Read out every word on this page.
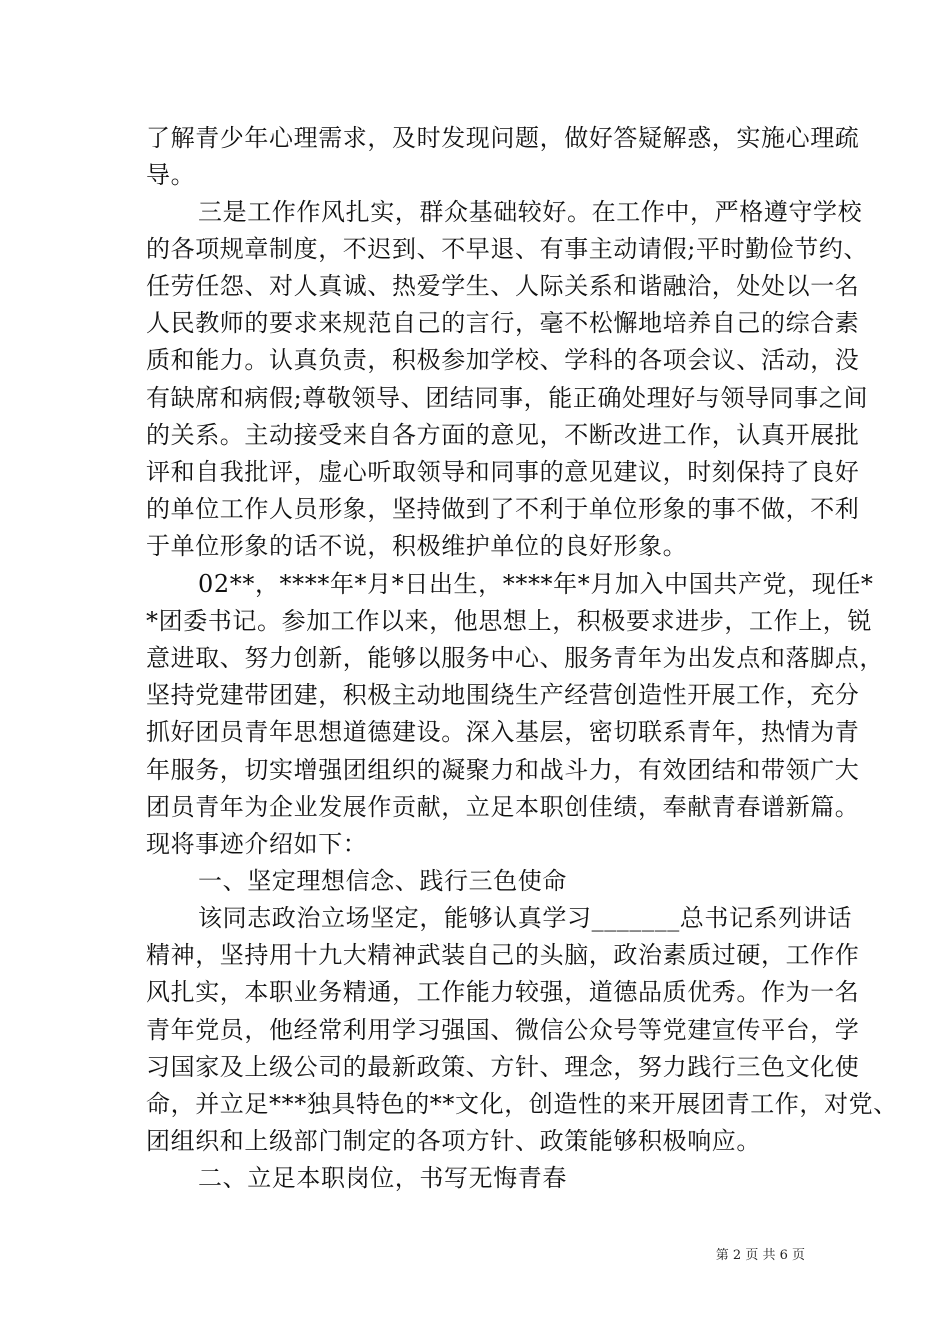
了解青少年心理需求，及时发现问题，做好答疑解惑，实施心理疏
导。
三是工作作风扎实，群众基础较好。在工作中，严格遵守学校
的各项规章制度，不迟到、不早退、有事主动请假;平时勤俭节约、
任劳任怨、对人真诚、热爱学生、人际关系和谐融洽，处处以一名
人民教师的要求来规范自己的言行，毫不松懈地培养自己的综合素
质和能力。认真负责，积极参加学校、学科的各项会议、活动，没
有缺席和病假;尊敬领导、团结同事，能正确处理好与领导同事之间
的关系。主动接受来自各方面的意见，不断改进工作，认真开展批
评和自我批评，虚心听取领导和同事的意见建议，时刻保持了良好
的单位工作人员形象，坚持做到了不利于单位形象的事不做，不利
于单位形象的话不说，积极维护单位的良好形象。
02**，****年*月*日出生，****年*月加入中国共产党，现任*
*团委书记。参加工作以来，他思想上，积极要求进步，工作上，锐
意进取、努力创新，能够以服务中心、服务青年为出发点和落脚点，
坚持党建带团建，积极主动地围绕生产经营创造性开展工作，充分
抓好团员青年思想道德建设。深入基层，密切联系青年，热情为青
年服务，切实增强团组织的凝聚力和战斗力，有效团结和带领广大
团员青年为企业发展作贡献，立足本职创佳绩，奉献青春谱新篇。
现将事迹介绍如下：
一、坚定理想信念、践行三色使命
该同志政治立场坚定，能够认真学习_______总书记系列讲话
精神，坚持用十九大精神武装自己的头脑，政治素质过硬，工作作
风扎实，本职业务精通，工作能力较强，道德品质优秀。作为一名
青年党员，他经常利用学习强国、微信公众号等党建宣传平台，学
习国家及上级公司的最新政策、方针、理念，努力践行三色文化使
命，并立足***独具特色的**文化，创造性的来开展团青工作，对党、
团组织和上级部门制定的各项方针、政策能够积极响应。
二、立足本职岗位，书写无悔青春
第 2 页 共 6 页
